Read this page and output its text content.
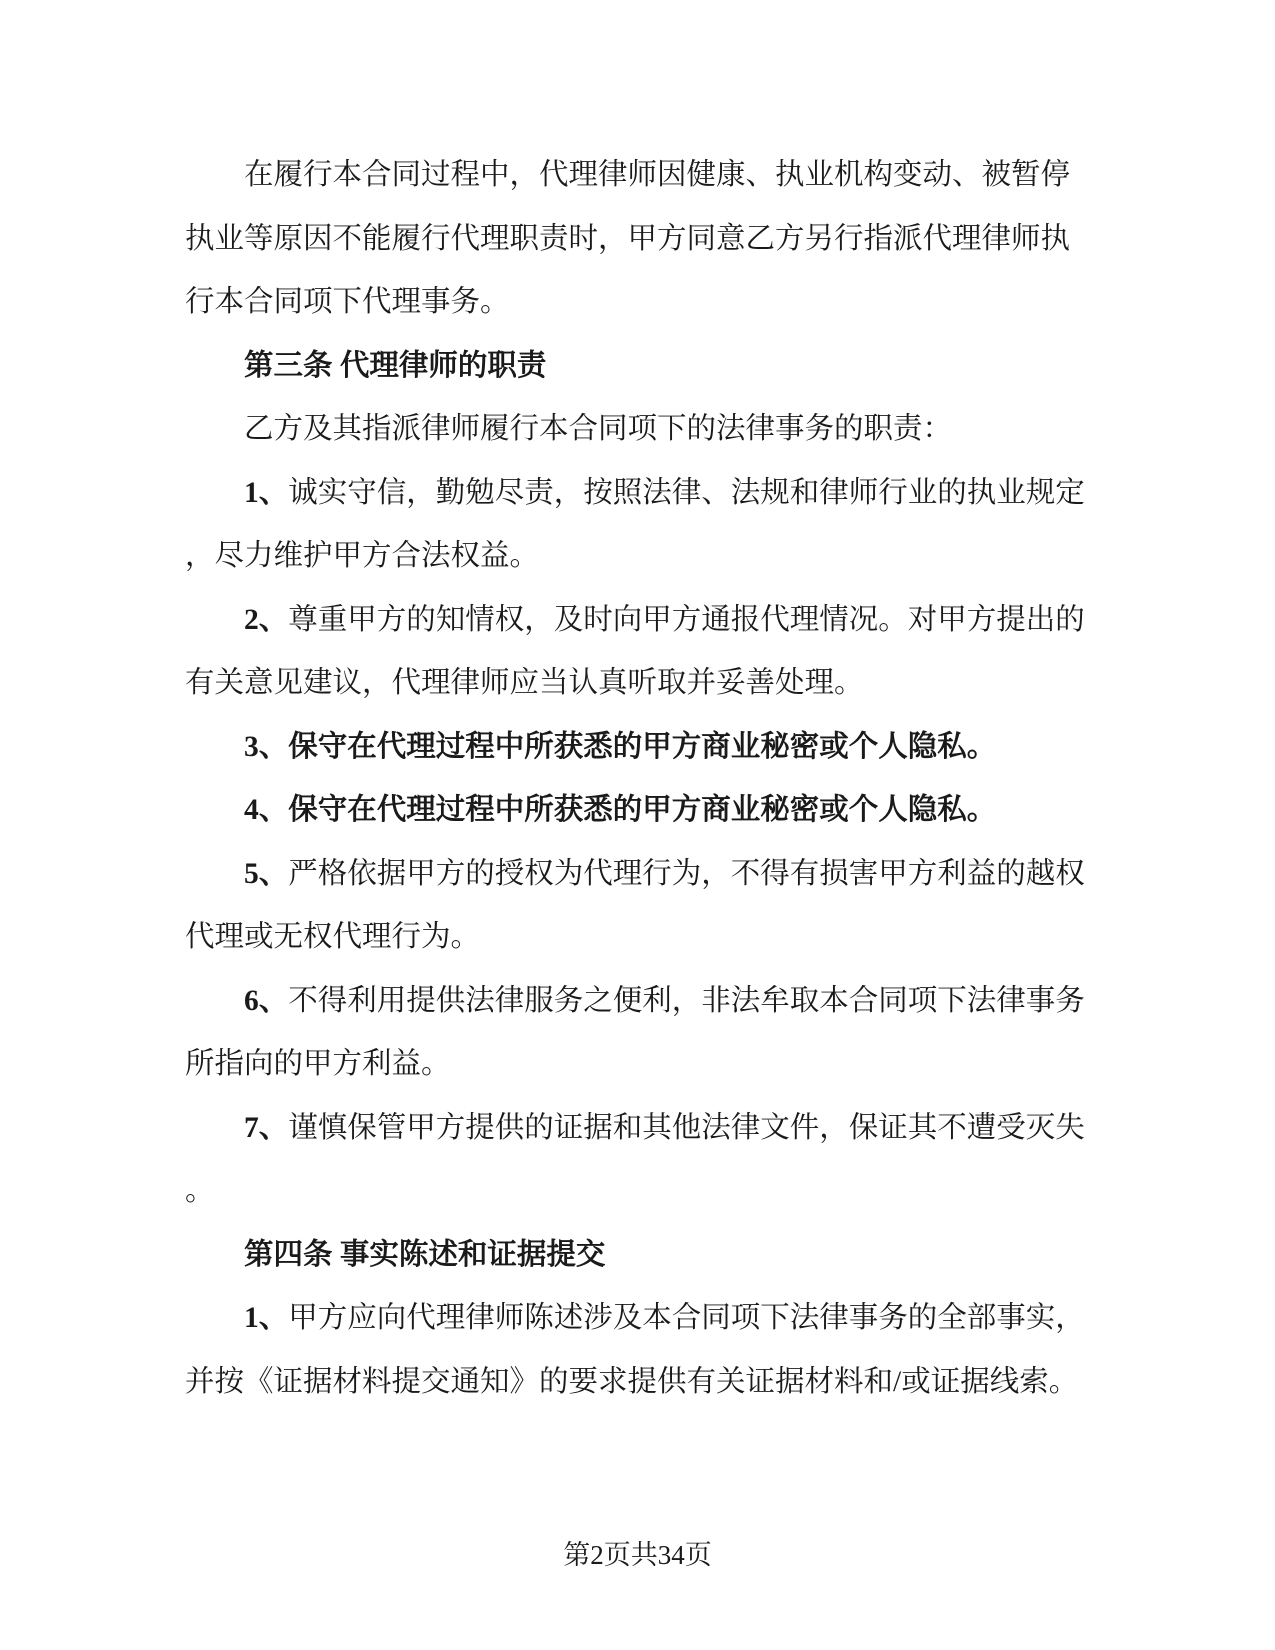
在履行本合同过程中，代理律师因健康、执业机构变动、被暂停执业等原因不能履行代理职责时，甲方同意乙方另行指派代理律师执行本合同项下代理事务。

第三条 代理律师的职责

乙方及其指派律师履行本合同项下的法律事务的职责：

1、诚实守信，勤勉尽责，按照法律、法规和律师行业的执业规定，尽力维护甲方合法权益。

2、尊重甲方的知情权，及时向甲方通报代理情况。对甲方提出的有关意见建议，代理律师应当认真听取并妥善处理。

3、保守在代理过程中所获悉的甲方商业秘密或个人隐私。

4、保守在代理过程中所获悉的甲方商业秘密或个人隐私。

5、严格依据甲方的授权为代理行为，不得有损害甲方利益的越权代理或无权代理行为。

6、不得利用提供法律服务之便利，非法牟取本合同项下法律事务所指向的甲方利益。

7、谨慎保管甲方提供的证据和其他法律文件，保证其不遭受灭失。

第四条 事实陈述和证据提交

1、甲方应向代理律师陈述涉及本合同项下法律事务的全部事实，并按《证据材料提交通知》的要求提供有关证据材料和/或证据线索。

第2页共34页
